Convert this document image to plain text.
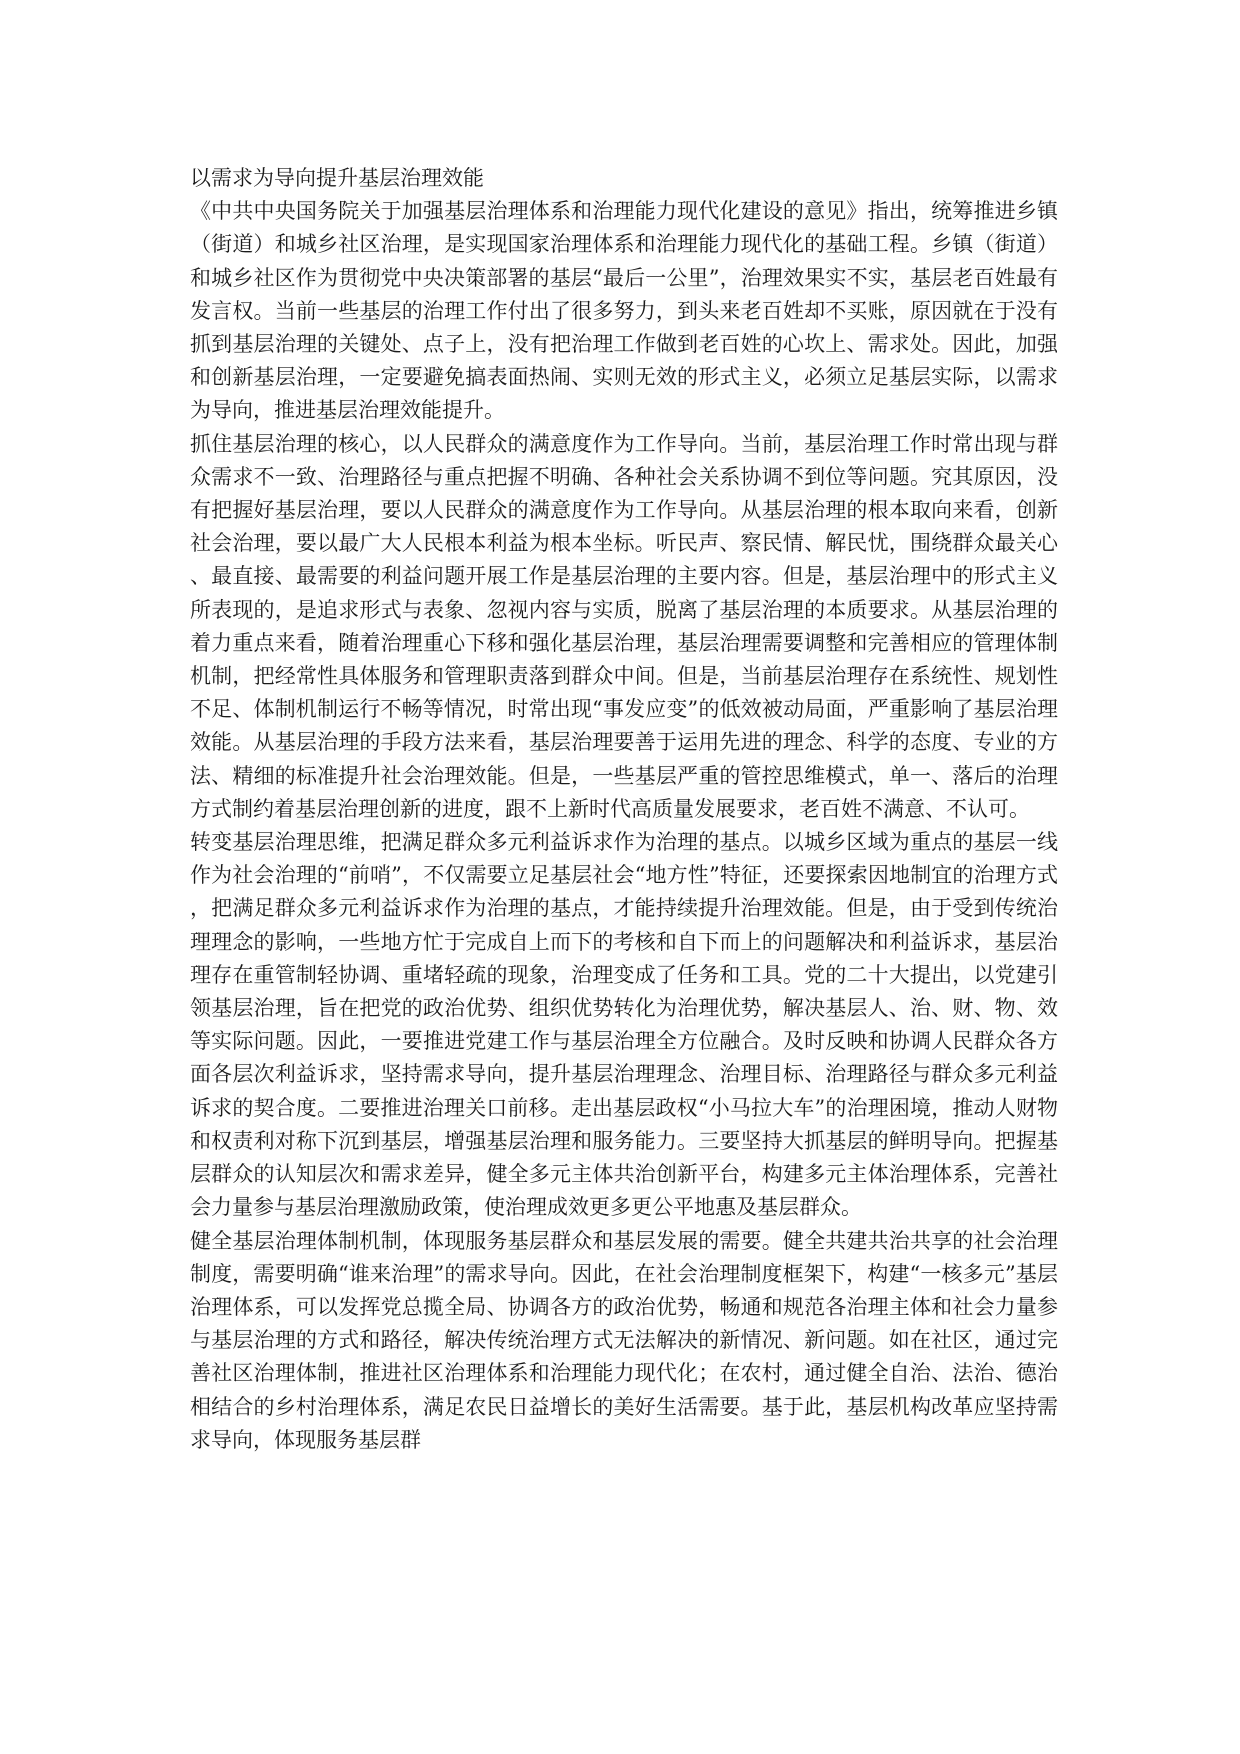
以需求为导向提升基层治理效能

《中共中央国务院关于加强基层治理体系和治理能力现代化建设的意见》指出，统筹推进乡镇（街道）和城乡社区治理，是实现国家治理体系和治理能力现代化的基础工程。乡镇（街道）和城乡社区作为贯彻党中央决策部署的基层“最后一公里”，治理效果实不实，基层老百姓最有发言权。当前一些基层的治理工作付出了很多努力，到头来老百姓却不买账，原因就在于没有抓到基层治理的关键处、点子上，没有把治理工作做到老百姓的心坎上、需求处。因此，加强和创新基层治理，一定要避免搞表面热闹、实则无效的形式主义，必须立足基层实际，以需求为导向，推进基层治理效能提升。

抓住基层治理的核心，以人民群众的满意度作为工作导向。当前，基层治理工作时常出现与群众需求不一致、治理路径与重点把握不明确、各种社会关系协调不到位等问题。究其原因，没有把握好基层治理，要以人民群众的满意度作为工作导向。从基层治理的根本取向来看，创新社会治理，要以最广大人民根本利益为根本坐标。听民声、察民情、解民忧，围绕群众最关心、最直接、最需要的利益问题开展工作是基层治理的主要内容。但是，基层治理中的形式主义所表现的，是追求形式与表象、忽视内容与实质，脱离了基层治理的本质要求。从基层治理的着力重点来看，随着治理重心下移和强化基层治理，基层治理需要调整和完善相应的管理体制机制，把经常性具体服务和管理职责落到群众中间。但是，当前基层治理存在系统性、规划性不足、体制机制运行不畅等情况，时常出现“事发应变”的低效被动局面，严重影响了基层治理效能。从基层治理的手段方法来看，基层治理要善于运用先进的理念、科学的态度、专业的方法、精细的标准提升社会治理效能。但是，一些基层严重的管控思维模式，单一、落后的治理方式制约着基层治理创新的进度，跟不上新时代高质量发展要求，老百姓不满意、不认可。

转变基层治理思维，把满足群众多元利益诉求作为治理的基点。以城乡区域为重点的基层一线作为社会治理的“前哨”，不仅需要立足基层社会“地方性”特征，还要探索因地制宜的治理方式，把满足群众多元利益诉求作为治理的基点，才能持续提升治理效能。但是，由于受到传统治理理念的影响，一些地方忙于完成自上而下的考核和自下而上的问题解决和利益诉求，基层治理存在重管制轻协调、重堵轻疏的现象，治理变成了任务和工具。党的二十大提出，以党建引领基层治理，旨在把党的政治优势、组织优势转化为治理优势，解决基层人、治、财、物、效等实际问题。因此，一要推进党建工作与基层治理全方位融合。及时反映和协调人民群众各方面各层次利益诉求，坚持需求导向，提升基层治理理念、治理目标、治理路径与群众多元利益诉求的契合度。二要推进治理关口前移。走出基层政权“小马拉大车”的治理困境，推动人财物和权责利对称下沉到基层，增强基层治理和服务能力。三要坚持大抓基层的鲜明导向。把握基层群众的认知层次和需求差异，健全多元主体共治创新平台，构建多元主体治理体系，完善社会力量参与基层治理激励政策，使治理成效更多更公平地惠及基层群众。

健全基层治理体制机制，体现服务基层群众和基层发展的需要。健全共建共治共享的社会治理制度，需要明确“谁来治理”的需求导向。因此，在社会治理制度框架下，构建“一核多元”基层治理体系，可以发挥党总揽全局、协调各方的政治优势，畅通和规范各治理主体和社会力量参与基层治理的方式和路径，解决传统治理方式无法解决的新情况、新问题。如在社区，通过完善社区治理体制，推进社区治理体系和治理能力现代化；在农村，通过健全自治、法治、德治相结合的乡村治理体系，满足农民日益增长的美好生活需要。基于此，基层机构改革应坚持需求导向，体现服务基层群
